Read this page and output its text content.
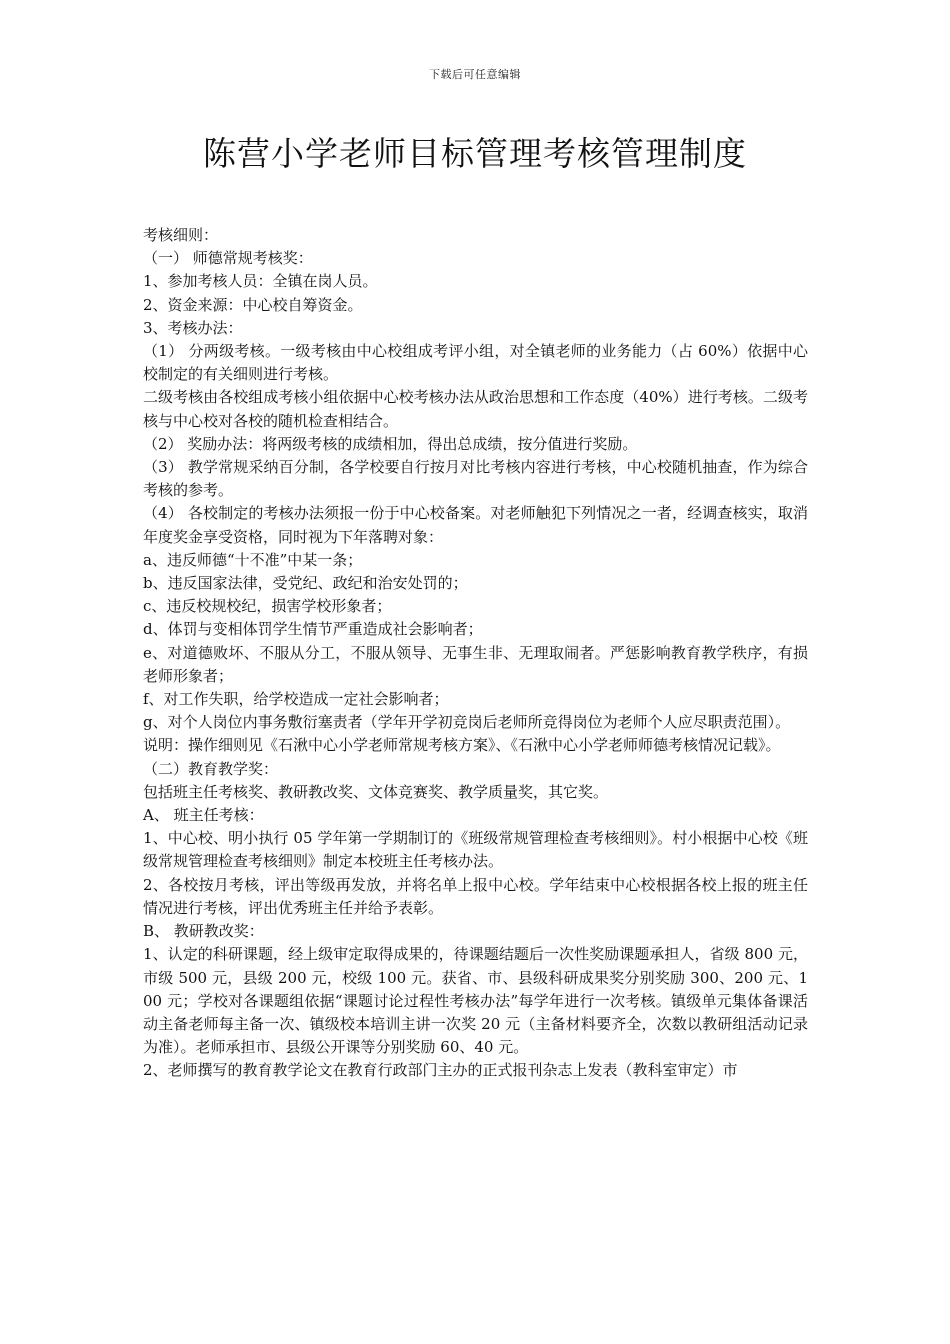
下载后可任意编辑
陈营小学老师目标管理考核管理制度

考核细则：

（一） 师德常规考核奖：

1、参加考核人员：全镇在岗人员。

2、资金来源：中心校自筹资金。

3、考核办法：

（1） 分两级考核。一级考核由中心校组成考评小组，对全镇老师的业务能力（占 60%）依据中心校制定的有关细则进行考核。

二级考核由各校组成考核小组依据中心校考核办法从政治思想和工作态度（40%）进行考核。二级考核与中心校对各校的随机检查相结合。

（2） 奖励办法：将两级考核的成绩相加，得出总成绩，按分值进行奖励。

（3） 教学常规采纳百分制，各学校要自行按月对比考核内容进行考核，中心校随机抽查，作为综合考核的参考。

（4） 各校制定的考核办法须报一份于中心校备案。对老师触犯下列情况之一者，经调查核实，取消年度奖金享受资格，同时视为下年落聘对象：

a、违反师德“十不准”中某一条；

b、违反国家法律，受党纪、政纪和治安处罚的；

c、违反校规校纪，损害学校形象者；

d、体罚与变相体罚学生情节严重造成社会影响者；

e、对道德败坏、不服从分工，不服从领导、无事生非、无理取闹者。严惩影响教育教学秩序，有损老师形象者；

f、对工作失职，给学校造成一定社会影响者；

g、对个人岗位内事务敷衍塞责者（学年开学初竞岗后老师所竞得岗位为老师个人应尽职责范围）。

说明：操作细则见《石湫中心小学老师常规考核方案》、《石湫中心小学老师师德考核情况记载》。

（二）教育教学奖：

包括班主任考核奖、教研教改奖、文体竞赛奖、教学质量奖，其它奖。

A、 班主任考核：

1、中心校、明小执行 05 学年第一学期制订的《班级常规管理检查考核细则》。村小根据中心校《班级常规管理检查考核细则》制定本校班主任考核办法。

2、各校按月考核，评出等级再发放，并将名单上报中心校。学年结束中心校根据各校上报的班主任情况进行考核，评出优秀班主任并给予表彰。

B、 教研教改奖：

1、认定的科研课题，经上级审定取得成果的，待课题结题后一次性奖励课题承担人，省级 800 元，市级 500 元，县级 200 元，校级 100 元。获省、市、县级科研成果奖分别奖励 300、200 元、100 元；学校对各课题组依据“课题讨论过程性考核办法”每学年进行一次考核。镇级单元集体备课活动主备老师每主备一次、镇级校本培训主讲一次奖 20 元（主备材料要齐全，次数以教研组活动记录为准）。老师承担市、县级公开课等分别奖励 60、40 元。

2、老师撰写的教育教学论文在教育行政部门主办的正式报刊杂志上发表（教科室审定）市
